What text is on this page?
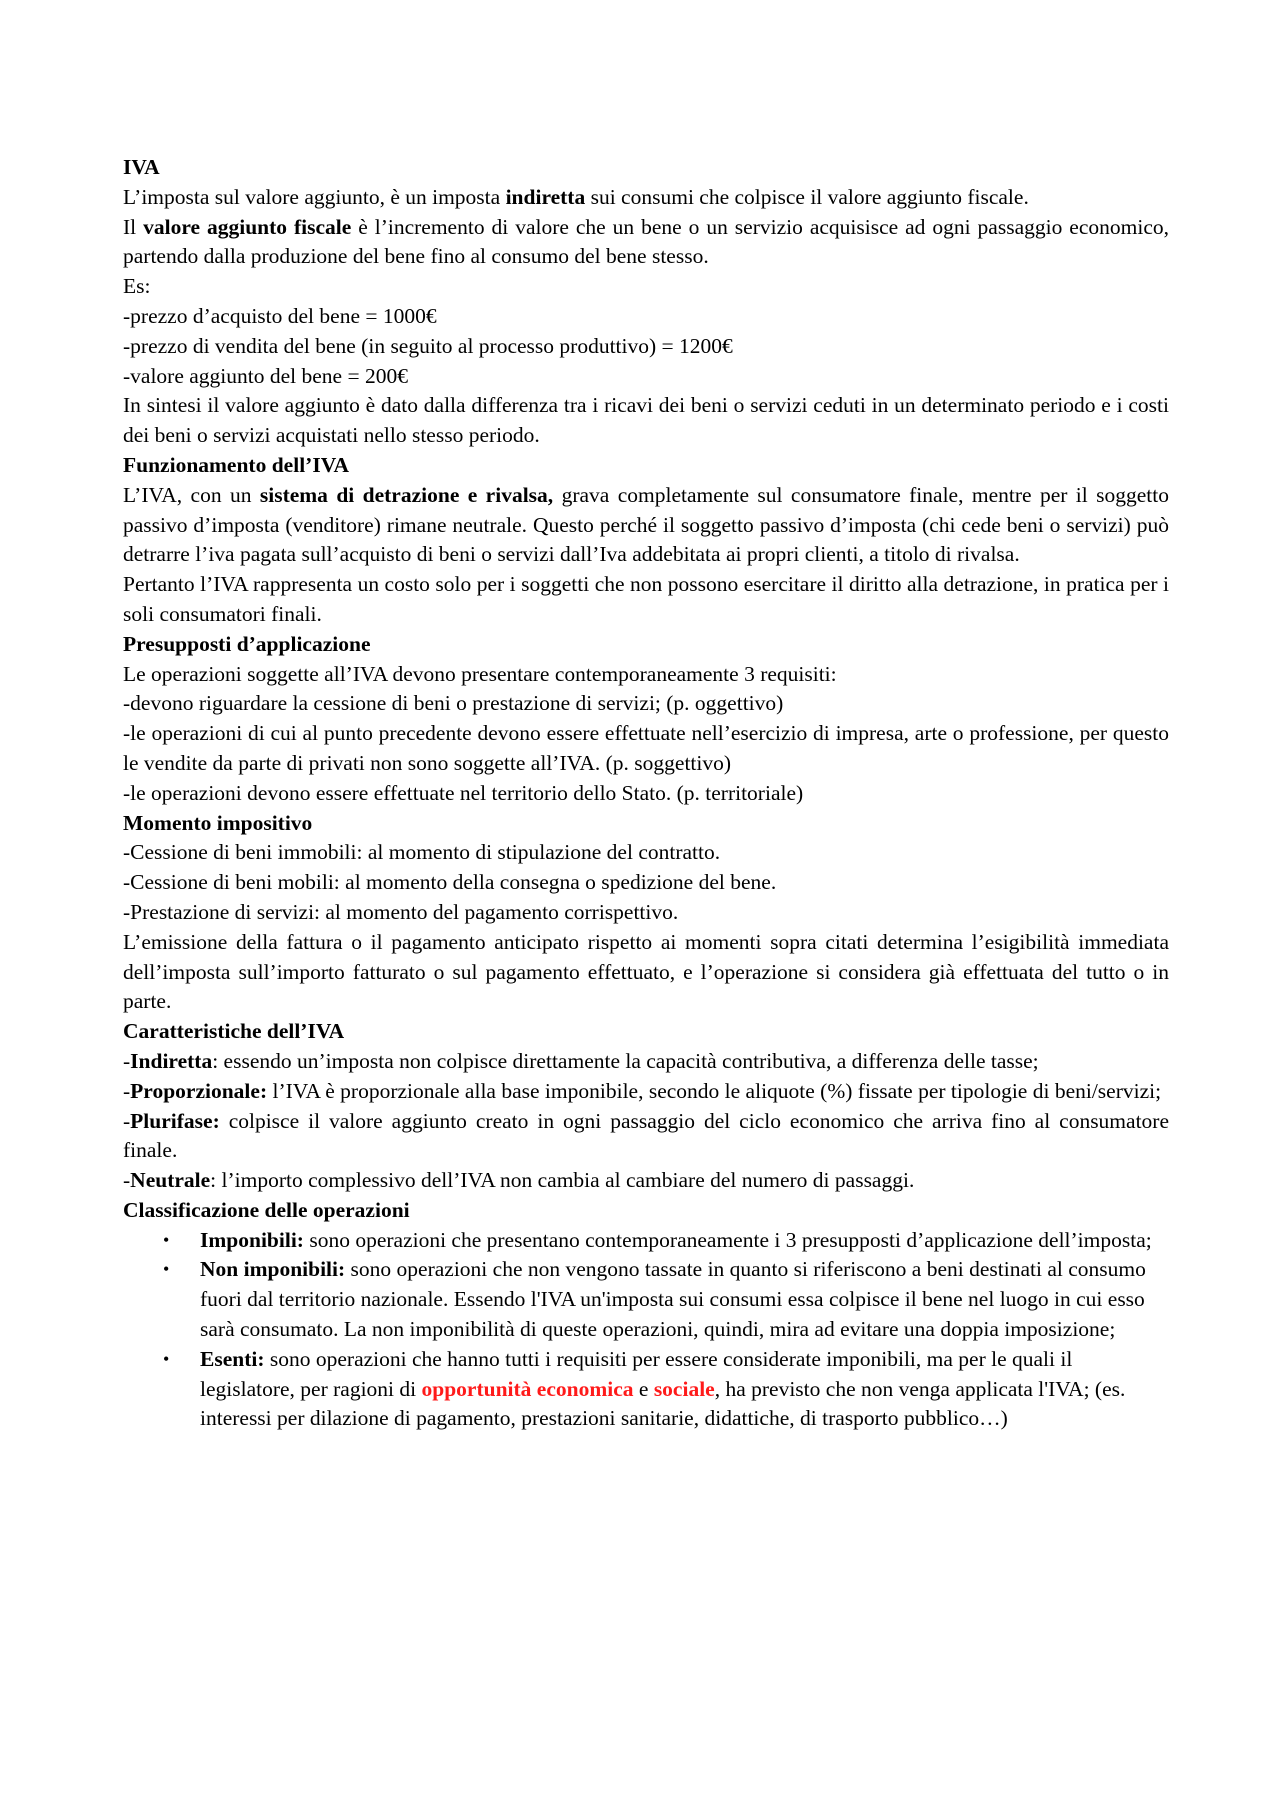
IVA

L’imposta sul valore aggiunto, è un imposta indiretta sui consumi che colpisce il valore aggiunto fiscale.

Il valore aggiunto fiscale è l’incremento di valore che un bene o un servizio acquisisce ad ogni passaggio economico, partendo dalla produzione del bene fino al consumo del bene stesso.

Es:

-prezzo d’acquisto del bene = 1000€

-prezzo di vendita del bene (in seguito al processo produttivo) = 1200€

-valore aggiunto del bene = 200€

In sintesi il valore aggiunto è dato dalla differenza tra i ricavi dei beni o servizi ceduti in un determinato periodo e i costi dei beni o servizi acquistati nello stesso periodo.

Funzionamento dell’IVA

L’IVA, con un sistema di detrazione e rivalsa, grava completamente sul consumatore finale, mentre per il soggetto passivo d’imposta (venditore) rimane neutrale. Questo perché il soggetto passivo d’imposta (chi cede beni o servizi) può detrarre l’iva pagata sull’acquisto di beni o servizi dall’Iva addebitata ai propri clienti, a titolo di rivalsa.

Pertanto l’IVA rappresenta un costo solo per i soggetti che non possono esercitare il diritto alla detrazione, in pratica per i soli consumatori finali.

Presupposti d’applicazione

Le operazioni soggette all’IVA devono presentare contemporaneamente 3 requisiti:

-devono riguardare la cessione di beni o prestazione di servizi; (p. oggettivo)

-le operazioni di cui al punto precedente devono essere effettuate nell’esercizio di impresa, arte o professione, per questo le vendite da parte di privati non sono soggette all’IVA. (p. soggettivo)

-le operazioni devono essere effettuate nel territorio dello Stato. (p. territoriale)

Momento impositivo

-Cessione di beni immobili: al momento di stipulazione del contratto.

-Cessione di beni mobili: al momento della consegna o spedizione del bene.

-Prestazione di servizi: al momento del pagamento corrispettivo.

L’emissione della fattura o il pagamento anticipato rispetto ai momenti sopra citati determina l’esigibilità immediata dell’imposta sull’importo fatturato o sul pagamento effettuato, e l’operazione si considera già effettuata del tutto o in parte.

Caratteristiche dell’IVA

-Indiretta: essendo un’imposta non colpisce direttamente la capacità contributiva, a differenza delle tasse;

-Proporzionale: l’IVA è proporzionale alla base imponibile, secondo le aliquote (%) fissate per tipologie di beni/servizi;

-Plurifase: colpisce il valore aggiunto creato in ogni passaggio del ciclo economico che arriva fino al consumatore finale.

-Neutrale: l’importo complessivo dell’IVA non cambia al cambiare del numero di passaggi.

Classificazione delle operazioni
• Imponibili: sono operazioni che presentano contemporaneamente i 3 presupposti d’applicazione dell’imposta;
• Non imponibili: sono operazioni che non vengono tassate in quanto si riferiscono a beni destinati al consumo fuori dal territorio nazionale. Essendo l'IVA un'imposta sui consumi essa colpisce il bene nel luogo in cui esso sarà consumato. La non imponibilità di queste operazioni, quindi, mira ad evitare una doppia imposizione;
• Esenti: sono operazioni che hanno tutti i requisiti per essere considerate imponibili, ma per le quali il legislatore, per ragioni di opportunità economica e sociale, ha previsto che non venga applicata l'IVA; (es. interessi per dilazione di pagamento, prestazioni sanitarie, didattiche, di trasporto pubblico…)
